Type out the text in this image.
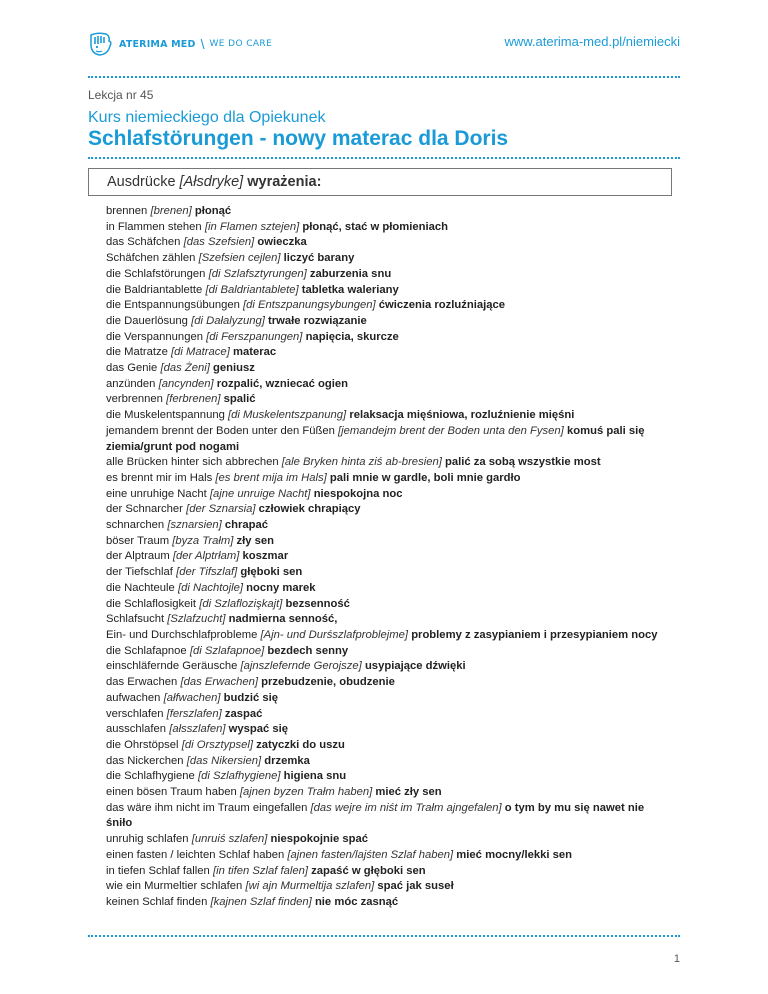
ATERIMA MED \ WE DO CARE	www.aterima-med.pl/niemiecki
Lekcja nr 45
Kurs niemieckiego dla Opiekunek
Schlafstörungen - nowy materac dla Doris
Ausdrücke [Ałsdryke] wyrażenia:
brennen [brenen] płonąć
in Flammen stehen [in Flamen sztejen] płonąć, stać w płomieniach
das Schäfchen [das Szefsien] owieczka
Schäfchen zählen [Szefsien cejlen] liczyć barany
die Schlafstörungen [di Szlafsztyrungen] zaburzenia snu
die Baldriantablette [di Baldriantablete] tabletka waleriany
die Entspannungsübungen [di Entszpanungsybungen] ćwiczenia rozluźniające
die Dauerlösung [di Dałalyzung] trwałe rozwiązanie
die Verspannungen [di Ferszpanungen] napięcia, skurcze
die Matratze [di Matrace] materac
das Genie [das Żeni] geniusz
anzünden [ancynden] rozpalić, wzniecać ogien
verbrennen [ferbrenen] spalić
die Muskelentspannung [di Muskelentszpanung] relaksacja mięśniowa, rozluźnienie mięśni
jemandem brennt der Boden unter den Füßen [jemandejm brent der Boden unta den Fysen] komuś pali się ziemia/grunt pod nogami
alle Brücken hinter sich abbrechen [ale Bryken hinta ziś ab-bresien] palić za sobą wszystkie most
es brennt mir im Hals [es brent mija im Hals] pali mnie w gardle, boli mnie gardło
eine unruhige Nacht [ajne unruige Nacht] niespokojna noc
der Schnarcher [der Sznarsia] człowiek chrapiący
schnarchen [sznarsien] chrapać
böser Traum [byza Trałm] zły sen
der Alptraum [der Alptrłam] koszmar
der Tiefschlaf [der Tifszlaf] głęboki sen
die Nachteule [di Nachtojle] nocny marek
die Schlaflosigkeit [di Szlaflozişkajt] bezsenność
Schlafsucht [Szlafzucht] nadmierna senność,
Ein- und Durchschlafprobleme [Ajn- und Durśszlafproblejme] problemy z zasypianiem i przesypianiem nocy
die Schlafapnoe [di Szlafapnoe] bezdech senny
einschläfernde Geräusche [ajnszleferndе Gerojsze] usypiające dźwięki
das Erwachen [das Erwachen] przebudzenie, obudzenie
aufwachen [ałfwachen] budzić się
verschlafen [ferszlafen] zaspać
ausschlafen [ałsszlafen] wyspać się
die Ohrstöpsel [di Orsztypsel] zatyczki do uszu
das Nickerchen [das Nikersien] drzemka
die Schlafhygiene [di Szlafhygiene] higiena snu
einen bösen Traum haben [ajnen byzen Trałm haben] mieć zły sen
das wäre ihm nicht im Traum eingefallen [das wejre im niśt im Trałm ajngefalen] o tym by mu się nawet nie śniło
unruhig schlafen [unruiś szlafen] niespokojnie spać
einen fasten / leichten Schlaf haben [ajnen fasten/lajśten Szlaf haben] mieć mocny/lekki sen
in tiefen Schlaf fallen [in tifen Szlaf falen] zapaść w głęboki sen
wie ein Murmeltier schlafen [wi ajn Murmeltija szlafen] spać jak suseł
keinen Schlaf finden [kajnen Szlaf finden] nie móc zasnąć
1
